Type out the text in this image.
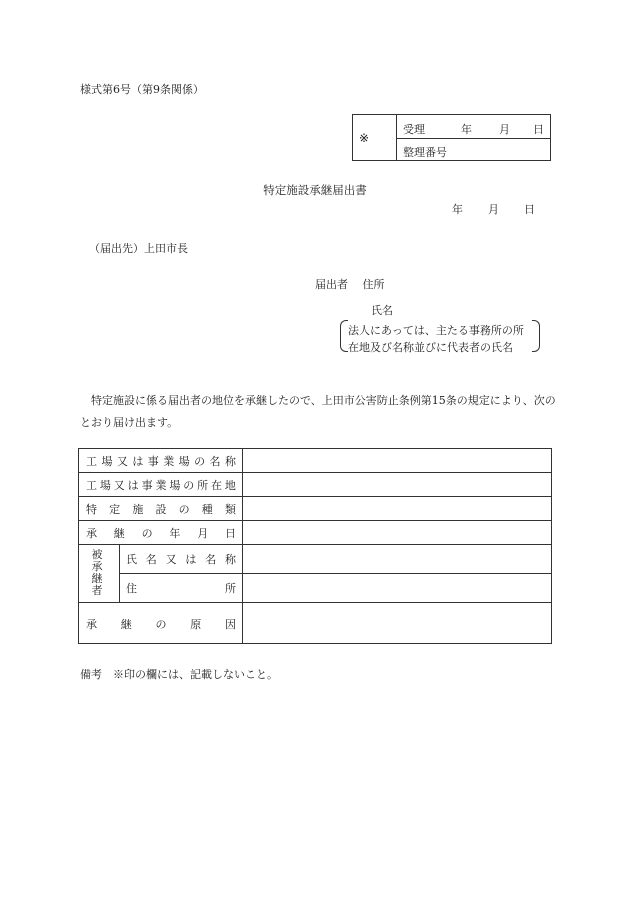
様式第6号（第9条関係）
※
受理	年 月 日
整理番号
特定施設承継届出書
年 月 日
（届出先）上田市長
届出者 住所
氏名
法人にあっては、主たる事務所の所
在地及び名称並びに代表者の氏名
 特定施設に係る届出者の地位を承継したので、上田市公害防止条例第15条の規定により、次のとおり届け出ます。
工 場 又 は 事 業 場 の 名 称
工 場 又 は 事 業 場 の 所 在 地
特 定 施 設 の 種 類
承 継 の 年 月 日
被
承
継
者
氏 名 又 は 名 称
住	所
承 継 の 原 因
備考　※印の欄には、記載しないこと。
